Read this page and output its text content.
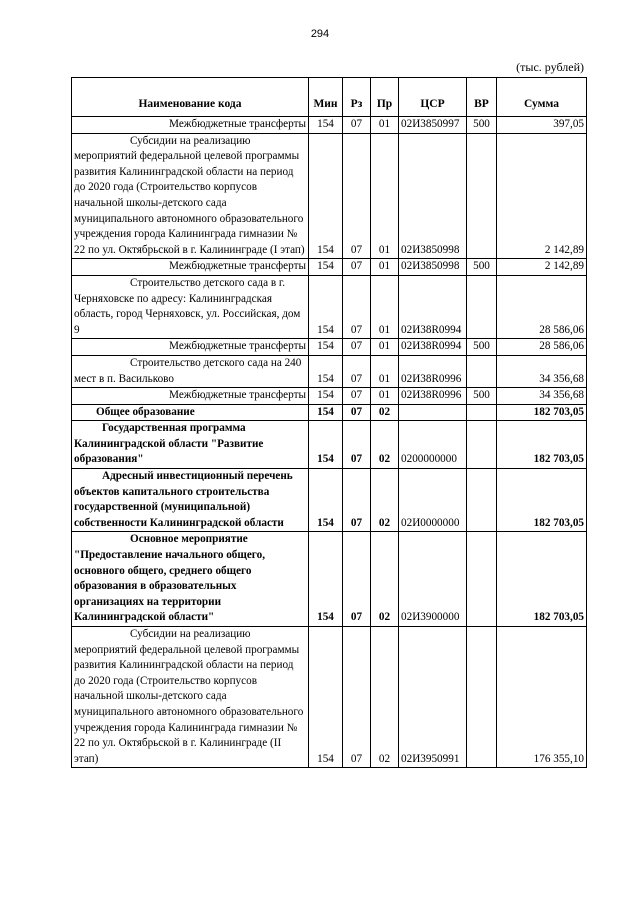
294
(тыс. рублей)
Наименование кода	Мин	Рз	Пр	ЦСР	ВР	Сумма
Межбюджетные трансферты	154	07	01	02И3850997	500	397,05
Субсидии на реализацию мероприятий федеральной целевой программы развития Калининградской области на период до 2020 года (Строительство корпусов начальной школы-детского сада муниципального автономного образовательного учреждения города Калининграда гимназии № 22 по ул. Октябрьской в г. Калининграде (I этап)	154	07	01	02И3850998		2 142,89
Межбюджетные трансферты	154	07	01	02И3850998	500	2 142,89
Строительство детского сада в г. Черняховске по адресу: Калининградская область, город Черняховск, ул. Российская, дом 9	154	07	01	02И38R0994		28 586,06
Межбюджетные трансферты	154	07	01	02И38R0994	500	28 586,06
Строительство детского сада на 240 мест в п. Васильково	154	07	01	02И38R0996		34 356,68
Межбюджетные трансферты	154	07	01	02И38R0996	500	34 356,68
Общее образование	154	07	02			182 703,05
Государственная программа Калининградской области "Развитие образования"	154	07	02	0200000000		182 703,05
Адресный инвестиционный перечень объектов капитального строительства государственной (муниципальной) собственности Калининградской области	154	07	02	02И0000000		182 703,05
Основное мероприятие "Предоставление начального общего, основного общего, среднего общего образования в образовательных организациях на территории Калининградской области"	154	07	02	02И3900000		182 703,05
Субсидии на реализацию мероприятий федеральной целевой программы развития Калининградской области на период до 2020 года (Строительство корпусов начальной школы-детского сада муниципального автономного образовательного учреждения города Калининграда гимназии № 22 по ул. Октябрьской в г. Калининграде (II этап)	154	07	02	02И3950991		176 355,10
